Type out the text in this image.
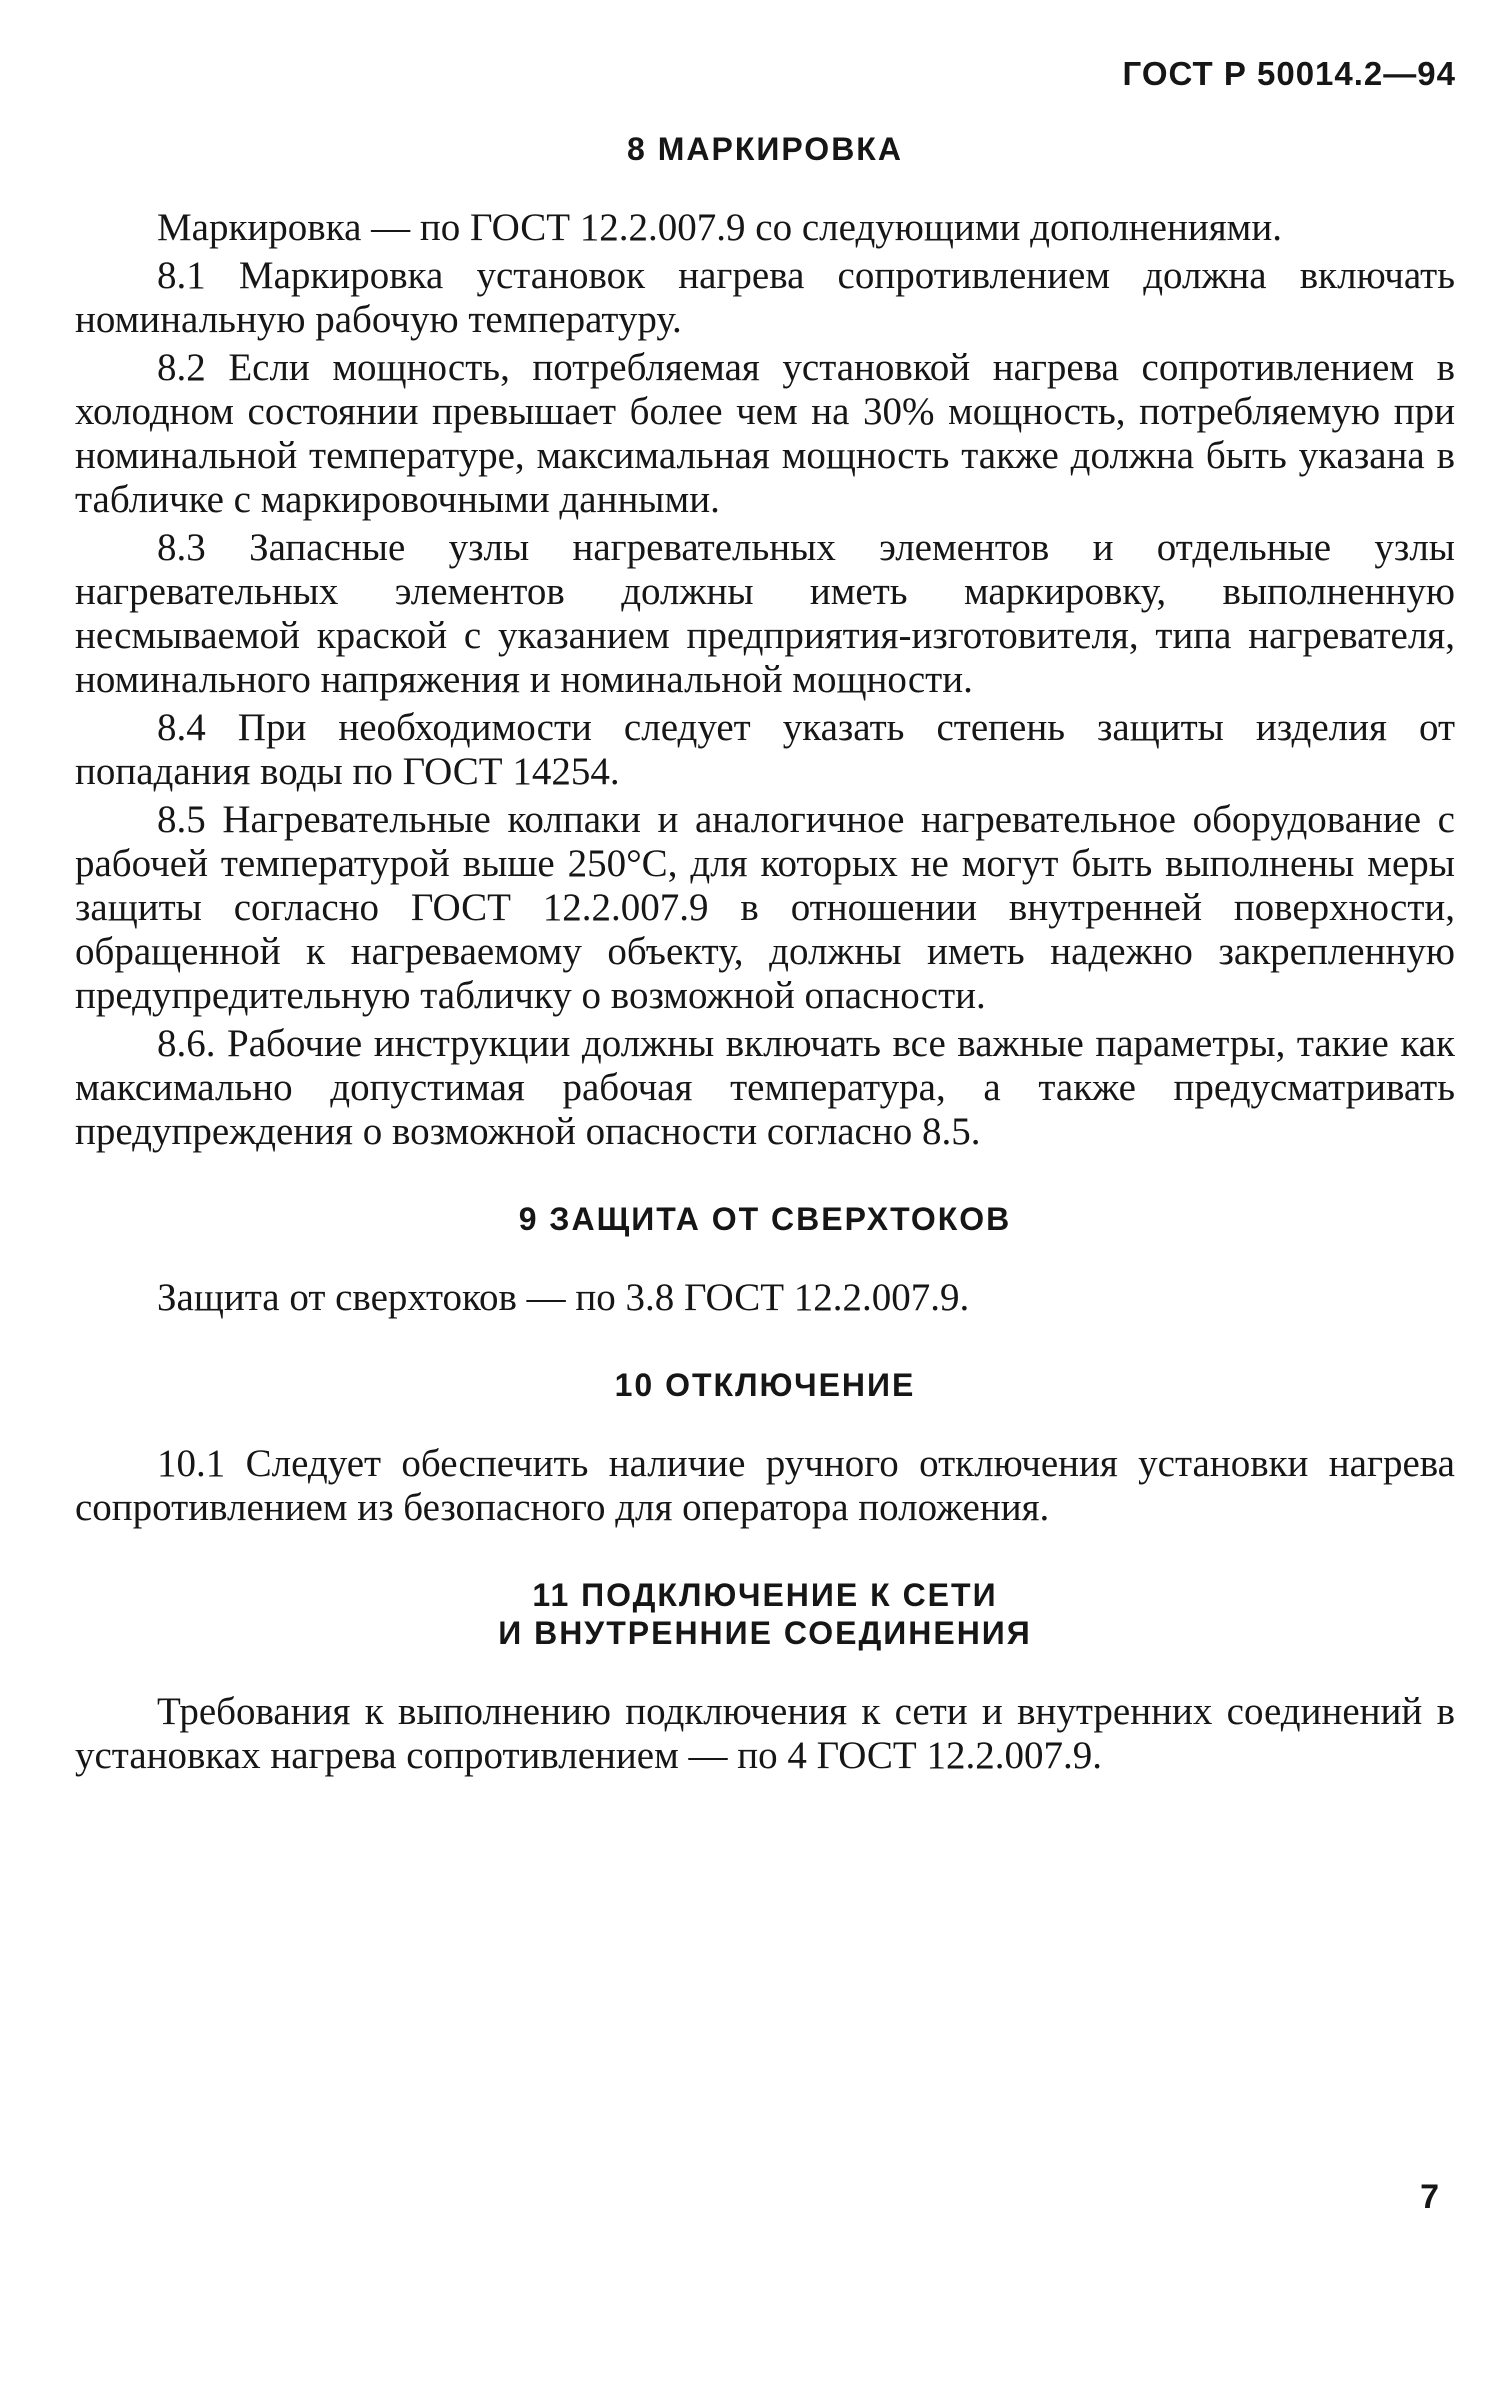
ГОСТ Р 50014.2—94
8 МАРКИРОВКА

Маркировка — по ГОСТ 12.2.007.9 со следующими дополнениями.

8.1 Маркировка установок нагрева сопротивлением должна включать номинальную рабочую температуру.

8.2 Если мощность, потребляемая установкой нагрева сопротивлением в холодном состоянии превышает более чем на 30% мощность, потребляемую при номинальной температуре, максимальная мощность также должна быть указана в табличке с маркировочными данными.

8.3 Запасные узлы нагревательных элементов и отдельные узлы нагревательных элементов должны иметь маркировку, выполненную несмываемой краской с указанием предприятия-изготовителя, типа нагревателя, номинального напряжения и номинальной мощности.

8.4 При необходимости следует указать степень защиты изделия от попадания воды по ГОСТ 14254.

8.5 Нагревательные колпаки и аналогичное нагревательное оборудование с рабочей температурой выше 250°С, для которых не могут быть выполнены меры защиты согласно ГОСТ 12.2.007.9 в отношении внутренней поверхности, обращенной к нагреваемому объекту, должны иметь надежно закрепленную предупредительную табличку о возможной опасности.

8.6. Рабочие инструкции должны включать все важные параметры, такие как максимально допустимая рабочая температура, а также предусматривать предупреждения о возможной опасности согласно 8.5.

9 ЗАЩИТА ОТ СВЕРХТОКОВ

Защита от сверхтоков — по 3.8 ГОСТ 12.2.007.9.

10 ОТКЛЮЧЕНИЕ

10.1 Следует обеспечить наличие ручного отключения установки нагрева сопротивлением из безопасного для оператора положения.

11 ПОДКЛЮЧЕНИЕ К СЕТИ
И ВНУТРЕННИЕ СОЕДИНЕНИЯ

Требования к выполнению подключения к сети и внутренних соединений в установках нагрева сопротивлением — по 4 ГОСТ 12.2.007.9.

7
